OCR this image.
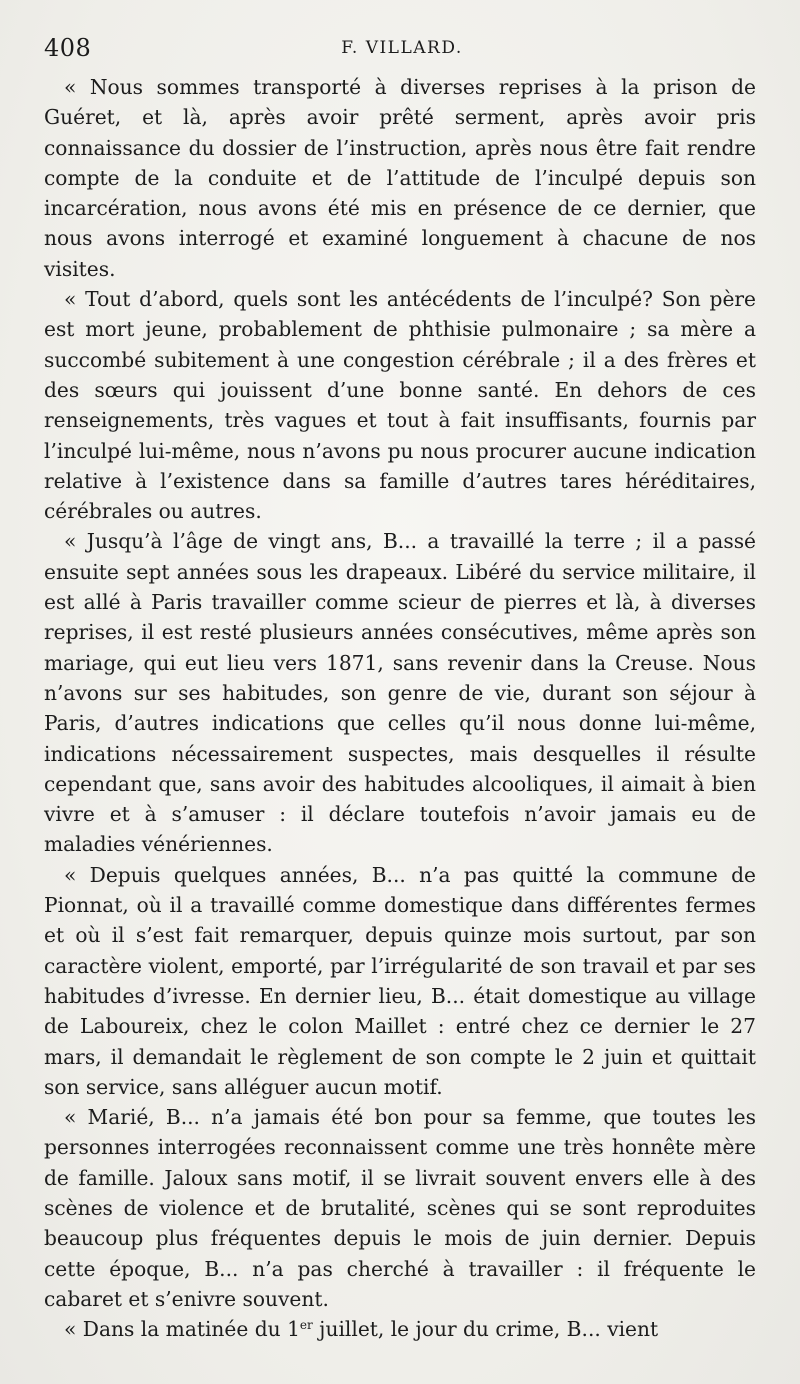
408	F. VILLARD.

« Nous sommes transporté à diverses reprises à la prison de Guéret, et là, après avoir prêté serment, après avoir pris connaissance du dossier de l’instruction, après nous être fait rendre compte de la conduite et de l’attitude de l’inculpé depuis son incarcération, nous avons été mis en présence de ce dernier, que nous avons interrogé et examiné longuement à chacune de nos visites.

« Tout d’abord, quels sont les antécédents de l’inculpé? Son père est mort jeune, probablement de phthisie pulmonaire ; sa mère a succombé subitement à une congestion cérébrale ; il a des frères et des sœurs qui jouissent d’une bonne santé. En dehors de ces renseignements, très vagues et tout à fait insuffisants, fournis par l’inculpé lui-même, nous n’avons pu nous procurer aucune indication relative à l’existence dans sa famille d’autres tares héréditaires, cérébrales ou autres.

« Jusqu’à l’âge de vingt ans, B... a travaillé la terre ; il a passé ensuite sept années sous les drapeaux. Libéré du service militaire, il est allé à Paris travailler comme scieur de pierres et là, à diverses reprises, il est resté plusieurs années consécutives, même après son mariage, qui eut lieu vers 1871, sans revenir dans la Creuse. Nous n’avons sur ses habitudes, son genre de vie, durant son séjour à Paris, d’autres indications que celles qu’il nous donne lui-même, indications nécessairement suspectes, mais desquelles il résulte cependant que, sans avoir des habitudes alcooliques, il aimait à bien vivre et à s’amuser : il déclare toutefois n’avoir jamais eu de maladies vénériennes.

« Depuis quelques années, B... n’a pas quitté la commune de Pionnat, où il a travaillé comme domestique dans différentes fermes et où il s’est fait remarquer, depuis quinze mois surtout, par son caractère violent, emporté, par l’irrégularité de son travail et par ses habitudes d’ivresse. En dernier lieu, B... était domestique au village de Laboureix, chez le colon Maillet : entré chez ce dernier le 27 mars, il demandait le règlement de son compte le 2 juin et quittait son service, sans alléguer aucun motif.

« Marié, B... n’a jamais été bon pour sa femme, que toutes les personnes interrogées reconnaissent comme une très honnête mère de famille. Jaloux sans motif, il se livrait souvent envers elle à des scènes de violence et de brutalité, scènes qui se sont reproduites beaucoup plus fréquentes depuis le mois de juin dernier. Depuis cette époque, B... n’a pas cherché à travailler : il fréquente le cabaret et s’enivre souvent.

« Dans la matinée du 1er juillet, le jour du crime, B... vient
